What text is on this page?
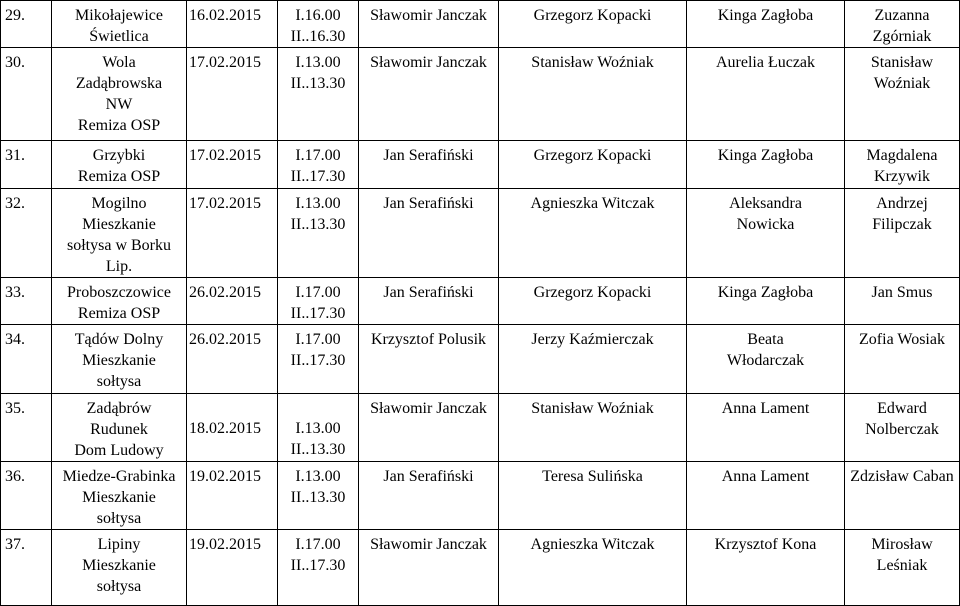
29.	Mikołajewice
Świetlica	16.02.2015	I.16.00
II..16.30	Sławomir Janczak	Grzegorz Kopacki	Kinga Zagłoba	Zuzanna
Zgórniak

30.	Wola
Zadąbrowska
NW
Remiza OSP	17.02.2015	I.13.00
II..13.30	Sławomir Janczak	Stanisław Woźniak	Aurelia Łuczak	Stanisław
Woźniak

31.	Grzybki
Remiza OSP	17.02.2015	I.17.00
II..17.30	Jan Serafiński	Grzegorz Kopacki	Kinga Zagłoba	Magdalena
Krzywik

32.	Mogilno
Mieszkanie
sołtysa w Borku
Lip.	17.02.2015	I.13.00
II..13.30	Jan Serafiński	Agnieszka Witczak	Aleksandra
Nowicka	Andrzej
Filipczak

33.	Proboszczowice
Remiza OSP	26.02.2015	I.17.00
II..17.30	Jan Serafiński	Grzegorz Kopacki	Kinga Zagłoba	Jan Smus

34.	Tądów Dolny
Mieszkanie
sołtysa	26.02.2015	I.17.00
II..17.30	Krzysztof Polusik	Jerzy Kaźmierczak	Beata
Włodarczak	Zofia Wosiak

35.	Zadąbrów
Rudunek
Dom Ludowy	18.02.2015	I.13.00
II..13.30	Sławomir Janczak	Stanisław Woźniak	Anna Lament	Edward
Nolberczak

36.	Miedze-Grabinka
Mieszkanie
sołtysa	19.02.2015	I.13.00
II..13.30	Jan Serafiński	Teresa Sulińska	Anna Lament	Zdzisław Caban

37.	Lipiny
Mieszkanie
sołtysa	19.02.2015	I.17.00
II..17.30	Sławomir Janczak	Agnieszka Witczak	Krzysztof Kona	Mirosław
Leśniak
